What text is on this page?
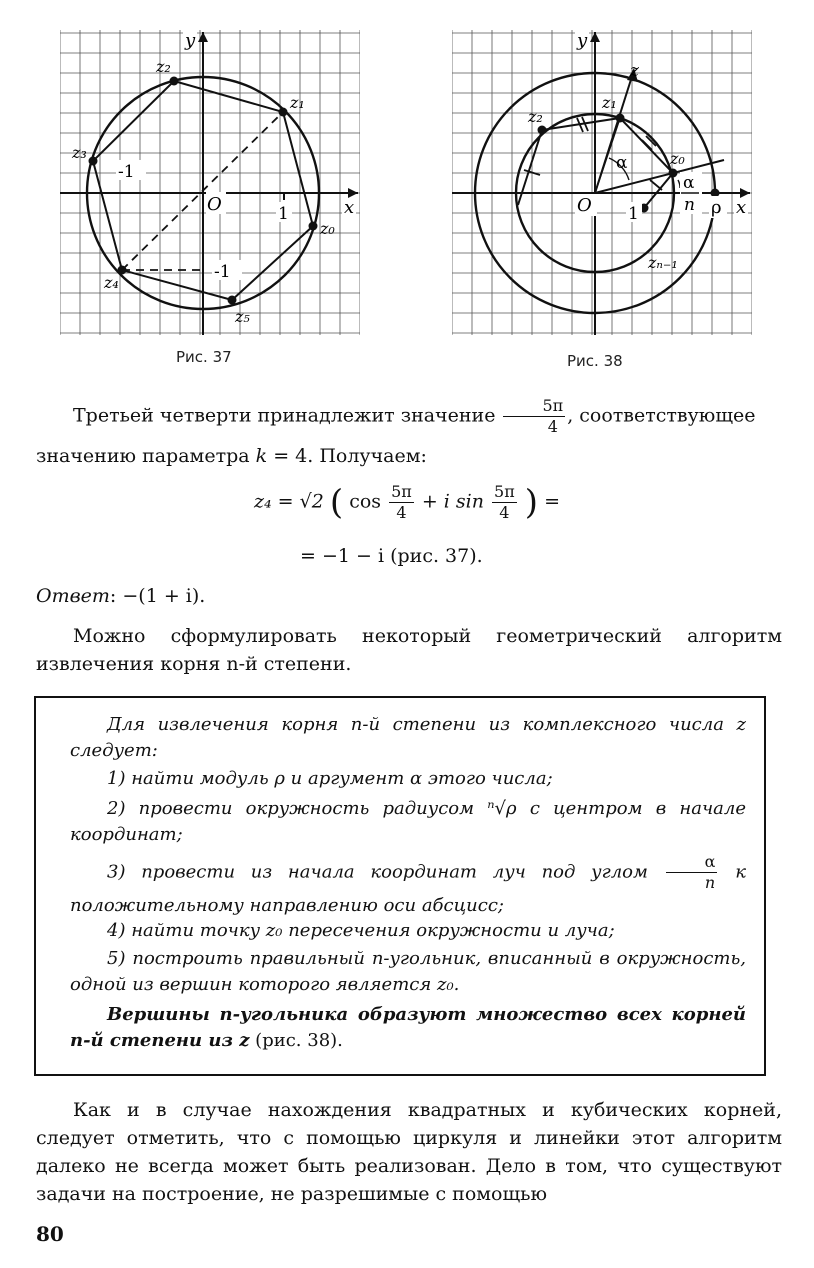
O	1
-1
-1
x
y
z₂
z₁
z₃
z₀
z₄
z₅
Рис. 37
O 1	x
y
z
α
α
n ρ
z₁
z₂
z₀
zₙ₋₁
Рис. 38
Третьей четверти принадлежит значение $\frac{5\pi}{4}$ , соответствующее
значению параметра k = 4. Получаем:
z₄ = √2 ( $\cos \frac{5\pi}{4} + i$ $\sin \frac{5\pi}{4}$ ) =
= −1 − i (рис. 37).
Ответ: −(1 + i).
Можно сформулировать некоторый геометрический алгоритм извлечения корня n-й степени.
Для извлечения корня n-й степени из комплексного числа z следует:
1) найти модуль ρ и аргумент α этого числа;
2) провести окружность радиусом ⁿ√ρ с центром в начале координат;
3) провести из начала координат луч под углом $\frac{\alpha}{n}$ к положительному направлению оси абсцисс;
4) найти точку z₀ пересечения окружности и луча;
5) построить правильный n-угольник, вписанный в окружность, одной из вершин которого является z₀.
Вершины n-угольника образуют множество всех корней n-й степени из z (рис. 38).
Как и в случае нахождения квадратных и кубических корней, следует отметить, что с помощью циркуля и линейки этот алгоритм далеко не всегда может быть реализован. Дело в том, что существуют задачи на построение, не разрешимые с помощью
80
